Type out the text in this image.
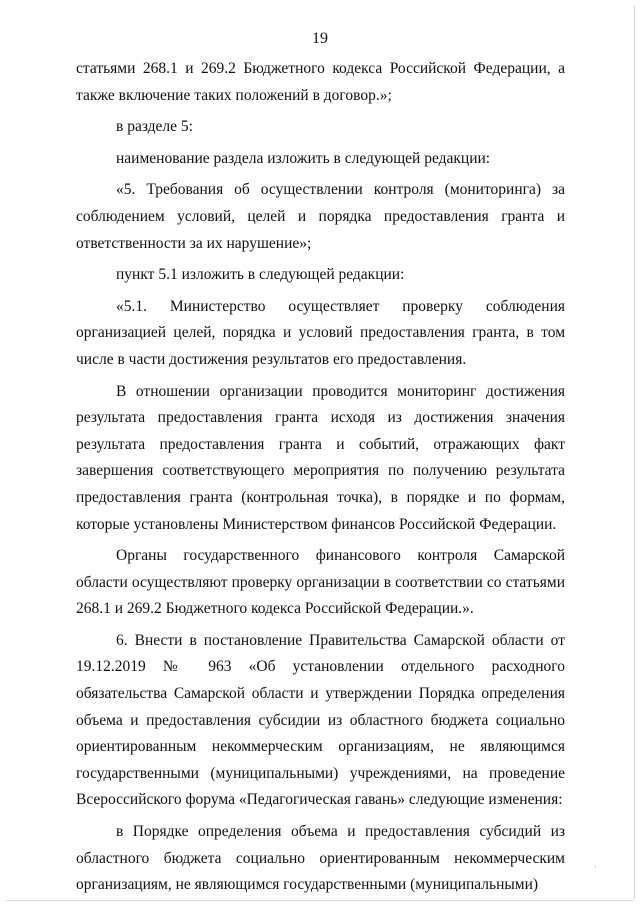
19

статьями 268.1 и 269.2 Бюджетного кодекса Российской Федерации, а также включение таких положений в договор.»;

в разделе 5:

наименование раздела изложить в следующей редакции:

«5. Требования об осуществлении контроля (мониторинга) за соблюдением условий, целей и порядка предоставления гранта и ответственности за их нарушение»;

пункт 5.1 изложить в следующей редакции:

«5.1. Министерство осуществляет проверку соблюдения организацией целей, порядка и условий предоставления гранта, в том числе в части достижения результатов его предоставления.

В отношении организации проводится мониторинг достижения результата предоставления гранта исходя из достижения значения результата предоставления гранта и событий, отражающих факт завершения соответствующего мероприятия по получению результата предоставления гранта (контрольная точка), в порядке и по формам, которые установлены Министерством финансов Российской Федерации.

Органы государственного финансового контроля Самарской области осуществляют проверку организации в соответствии со статьями 268.1 и 269.2 Бюджетного кодекса Российской Федерации.».

6. Внести в постановление Правительства Самарской области от 19.12.2019 № 963 «Об установлении отдельного расходного обязательства Самарской области и утверждении Порядка определения объема и предоставления субсидии из областного бюджета социально ориентированным некоммерческим организациям, не являющимся государственными (муниципальными) учреждениями, на проведение Всероссийского форума «Педагогическая гавань» следующие изменения:

в Порядке определения объема и предоставления субсидий из областного бюджета социально ориентированным некоммерческим организациям, не являющимся государственными (муниципальными)

·
